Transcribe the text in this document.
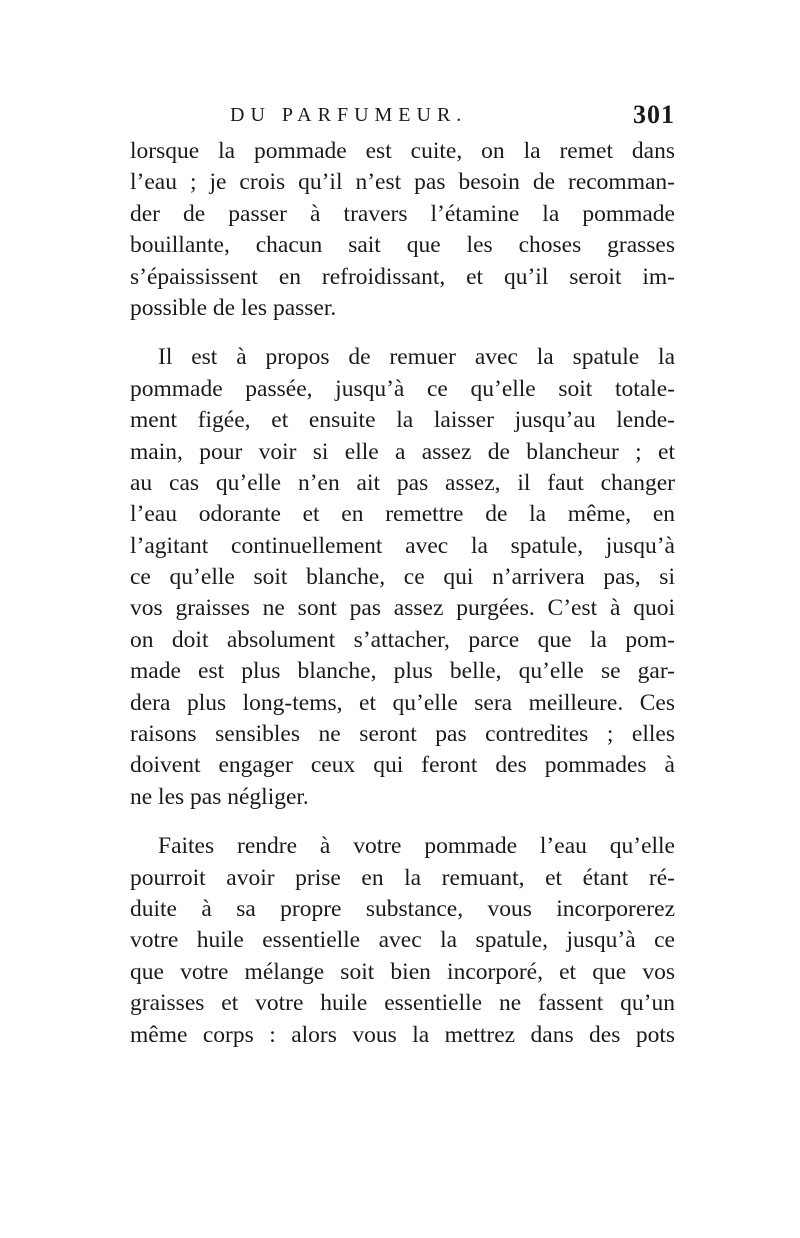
DU PARFUMEUR.	301
lorsque la pommade est cuite, on la remet dans
l’eau ; je crois qu’il n’est pas besoin de recomman-
der de passer à travers l’étamine la pommade
bouillante, chacun sait que les choses grasses
s’épaississent en refroidissant, et qu’il seroit im-
possible de les passer.
Il est à propos de remuer avec la spatule la
pommade passée, jusqu’à ce qu’elle soit totale-
ment figée, et ensuite la laisser jusqu’au lende-
main, pour voir si elle a assez de blancheur ; et
au cas qu’elle n’en ait pas assez, il faut changer
l’eau odorante et en remettre de la même, en
l’agitant continuellement avec la spatule, jusqu’à
ce qu’elle soit blanche, ce qui n’arrivera pas, si
vos graisses ne sont pas assez purgées. C’est à quoi
on doit absolument s’attacher, parce que la pom-
made est plus blanche, plus belle, qu’elle se gar-
dera plus long-tems, et qu’elle sera meilleure. Ces
raisons sensibles ne seront pas contredites ; elles
doivent engager ceux qui feront des pommades à
ne les pas négliger.
Faites rendre à votre pommade l’eau qu’elle
pourroit avoir prise en la remuant, et étant ré-
duite à sa propre substance, vous incorporerez
votre huile essentielle avec la spatule, jusqu’à ce
que votre mélange soit bien incorporé, et que vos
graisses et votre huile essentielle ne fassent qu’un
même corps : alors vous la mettrez dans des pots
